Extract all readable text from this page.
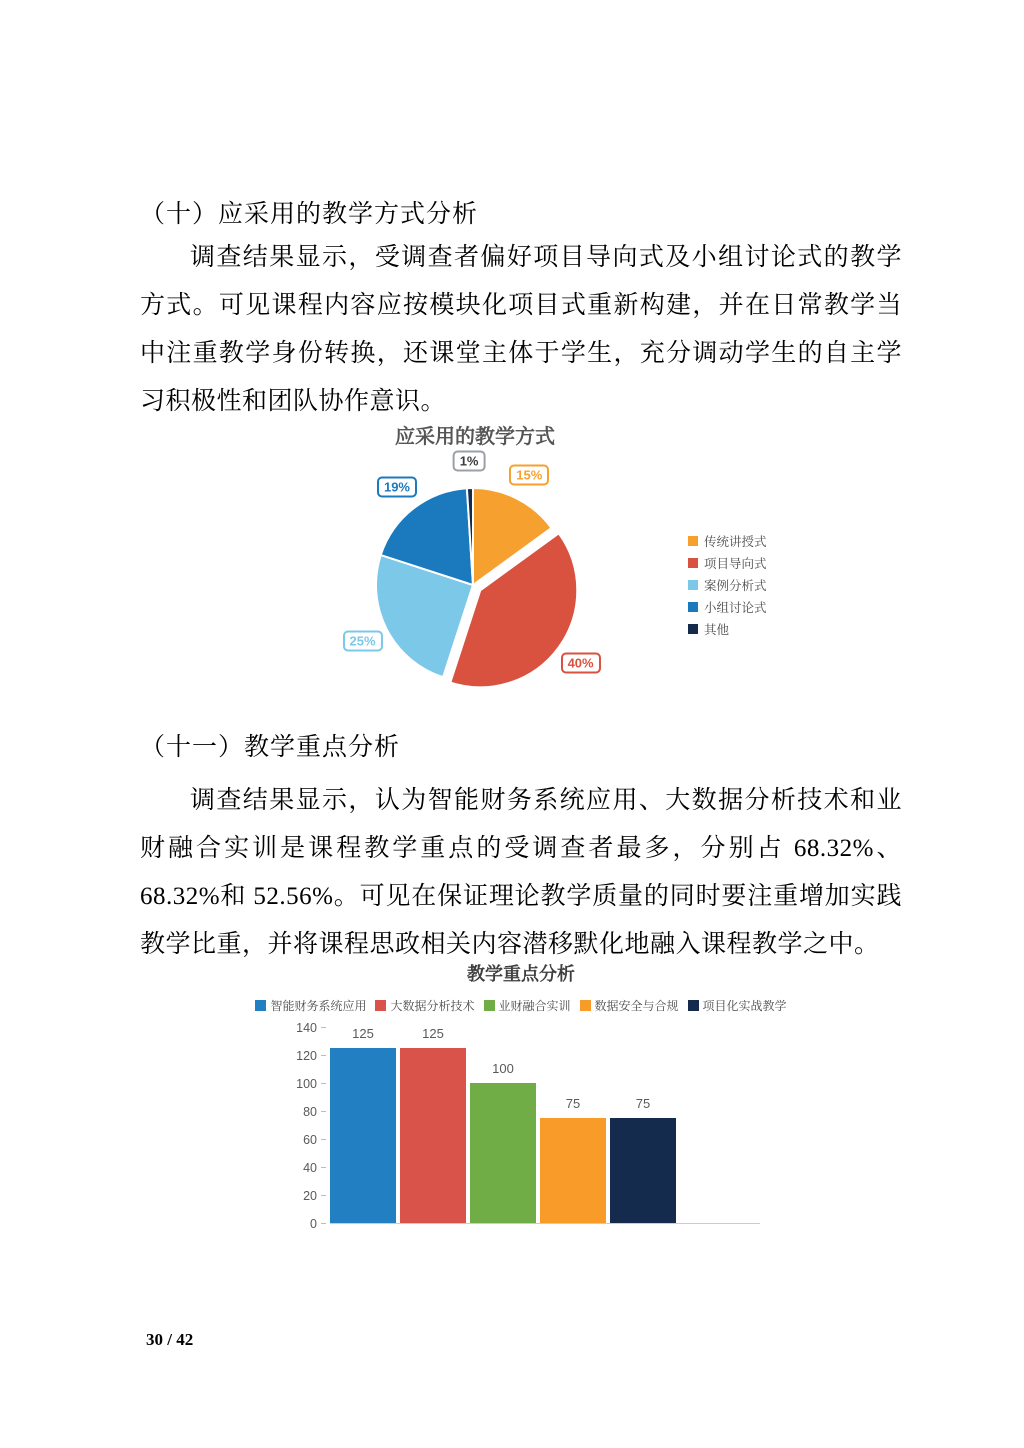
（十）应采用的教学方式分析

调查结果显示，受调查者偏好项目导向式及小组讨论式的教学方式。可见课程内容应按模块化项目式重新构建，并在日常教学当中注重教学身份转换，还课堂主体于学生，充分调动学生的自主学习积极性和团队协作意识。

应采用的教学方式
15%
40%
25%
19%
1%
传统讲授式
项目导向式
案例分析式
小组讨论式
其他
（十一）教学重点分析

调查结果显示，认为智能财务系统应用、大数据分析技术和业财融合实训是课程教学重点的受调查者最多，分别占 68.32%、68.32%和 52.56%。可见在保证理论教学质量的同时要注重增加实践教学比重，并将课程思政相关内容潜移默化地融入课程教学之中。

教学重点分析
智能财务系统应用 大数据分析技术 业财融合实训 数据安全与合规 项目化实战教学
0
20
40
60
80
100
120
140	125	125
100
75	75
30 / 42
